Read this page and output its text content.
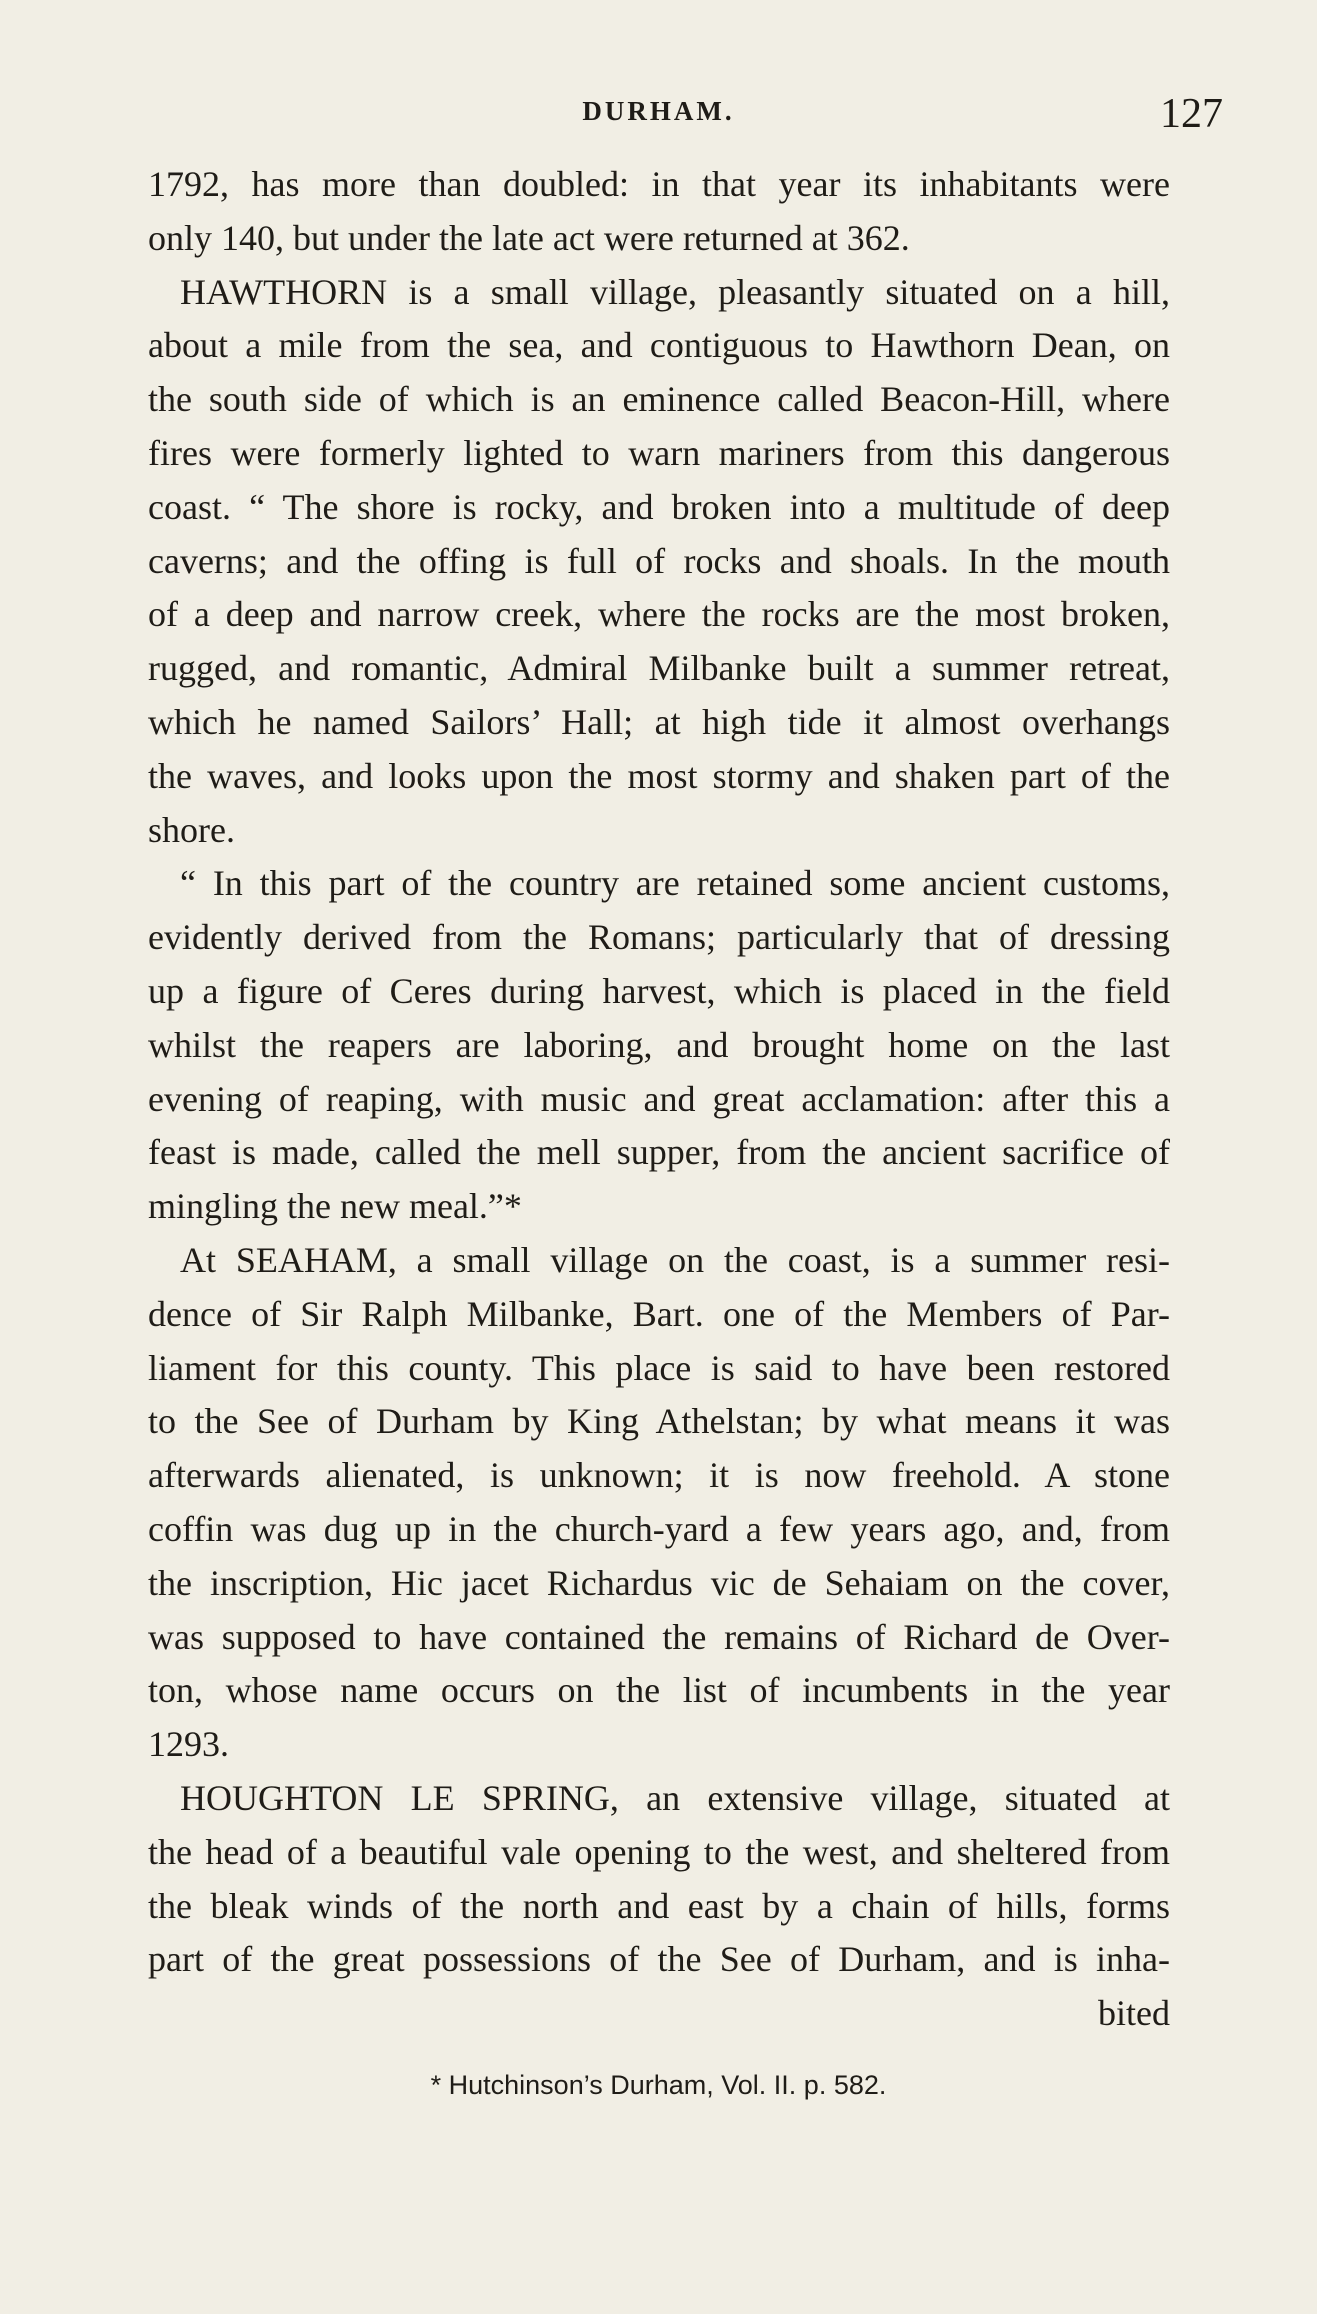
DURHAM.	127
1792, has more than doubled: in that year its inhabitants were
only 140, but under the late act were returned at 362.
HAWTHORN is a small village, pleasantly situated on a hill,
about a mile from the sea, and contiguous to Hawthorn Dean, on
the south side of which is an eminence called Beacon-Hill, where
fires were formerly lighted to warn mariners from this dangerous
coast. “ The shore is rocky, and broken into a multitude of deep
caverns; and the offing is full of rocks and shoals. In the mouth
of a deep and narrow creek, where the rocks are the most broken,
rugged, and romantic, Admiral Milbanke built a summer retreat,
which he named Sailors’ Hall; at high tide it almost overhangs
the waves, and looks upon the most stormy and shaken part of the
shore.
“ In this part of the country are retained some ancient customs,
evidently derived from the Romans; particularly that of dressing
up a figure of Ceres during harvest, which is placed in the field
whilst the reapers are laboring, and brought home on the last
evening of reaping, with music and great acclamation: after this a
feast is made, called the mell supper, from the ancient sacrifice of
mingling the new meal.”*
At SEAHAM, a small village on the coast, is a summer resi-
dence of Sir Ralph Milbanke, Bart. one of the Members of Par-
liament for this county. This place is said to have been restored
to the See of Durham by King Athelstan; by what means it was
afterwards alienated, is unknown; it is now freehold. A stone
coffin was dug up in the church-yard a few years ago, and, from
the inscription, Hic jacet Richardus vic de Sehaiam on the cover,
was supposed to have contained the remains of Richard de Over-
ton, whose name occurs on the list of incumbents in the year
1293.
HOUGHTON LE SPRING, an extensive village, situated at
the head of a beautiful vale opening to the west, and sheltered from
the bleak winds of the north and east by a chain of hills, forms
part of the great possessions of the See of Durham, and is inha-
bited
* Hutchinson’s Durham, Vol. II. p. 582.
